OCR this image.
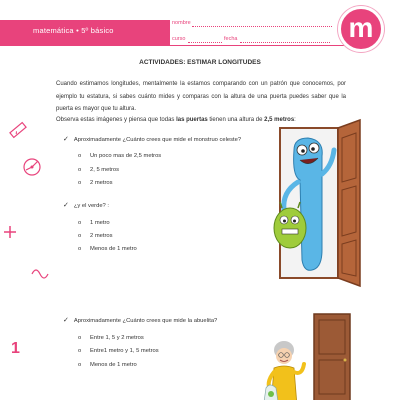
matemática • 5º básico
nombre
curso	fecha	m
1
ACTIVIDADES: ESTIMAR LONGITUDES
Cuando estimamos longitudes, mentalmente la estamos comparando con un patrón que conocemos, por ejemplo tu estatura, si sabes cuánto mides y comparas con la altura de una puerta puedes saber que la puerta es mayor que tu altura.
Observa estas imágenes y piensa que todas las puertas tienen una altura de 2,5 metros:
✓ Aproximadamente ¿Cuánto crees que mide el monstruo celeste?
o Un poco mas de 2,5 metros
o 2, 5 metros
o 2 metros
✓ ¿y el verde? :
o 1 metro
o 2 metros
o Menos de 1 metro
✓ Aproximadamente ¿Cuánto crees que mide la abuelita?
o Entre 1, 5 y 2 metros
o Entre1 metro y 1, 5 metros
o Menos de 1 metro
